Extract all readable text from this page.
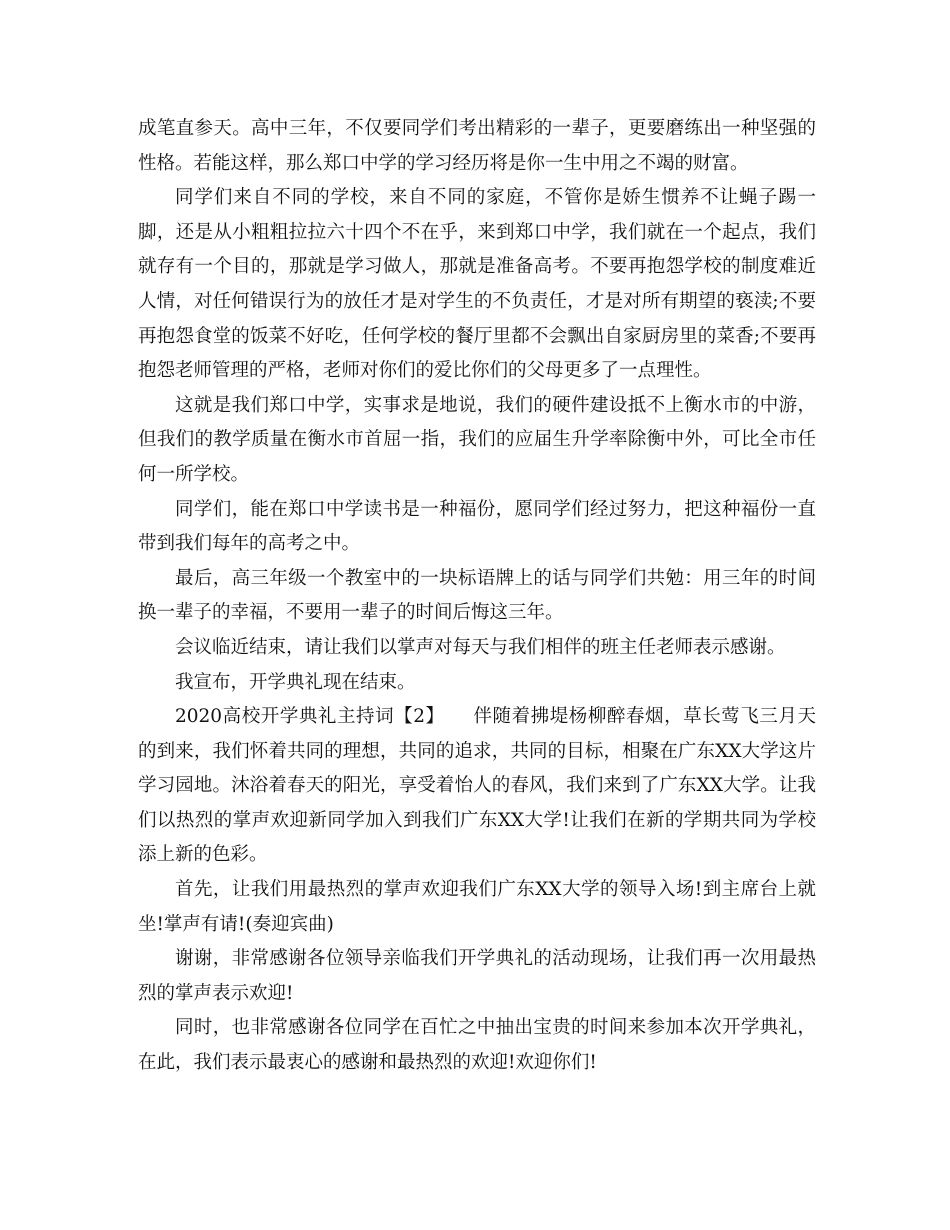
成笔直参天。高中三年，不仅要同学们考出精彩的一辈子，更要磨练出一种坚强的性格。若能这样，那么郑口中学的学习经历将是你一生中用之不竭的财富。

同学们来自不同的学校，来自不同的家庭，不管你是娇生惯养不让蝇子踢一脚，还是从小粗粗拉拉六十四个不在乎，来到郑口中学，我们就在一个起点，我们就存有一个目的，那就是学习做人，那就是准备高考。不要再抱怨学校的制度难近人情，对任何错误行为的放任才是对学生的不负责任，才是对所有期望的亵渎;不要再抱怨食堂的饭菜不好吃，任何学校的餐厅里都不会飘出自家厨房里的菜香;不要再抱怨老师管理的严格，老师对你们的爱比你们的父母更多了一点理性。

这就是我们郑口中学，实事求是地说，我们的硬件建设抵不上衡水市的中游，但我们的教学质量在衡水市首屈一指，我们的应届生升学率除衡中外，可比全市任何一所学校。

同学们，能在郑口中学读书是一种福份，愿同学们经过努力，把这种福份一直带到我们每年的高考之中。

最后，高三年级一个教室中的一块标语牌上的话与同学们共勉：用三年的时间换一辈子的幸福，不要用一辈子的时间后悔这三年。

会议临近结束，请让我们以掌声对每天与我们相伴的班主任老师表示感谢。

我宣布，开学典礼现在结束。

2020高校开学典礼主持词【2】　　伴随着拂堤杨柳醉春烟，草长莺飞三月天的到来，我们怀着共同的理想，共同的追求，共同的目标，相聚在广东XX大学这片学习园地。沐浴着春天的阳光，享受着怡人的春风，我们来到了广东XX大学。让我们以热烈的掌声欢迎新同学加入到我们广东XX大学!让我们在新的学期共同为学校添上新的色彩。

首先，让我们用最热烈的掌声欢迎我们广东XX大学的领导入场!到主席台上就坐!掌声有请!(奏迎宾曲)

谢谢，非常感谢各位领导亲临我们开学典礼的活动现场，让我们再一次用最热烈的掌声表示欢迎!

同时，也非常感谢各位同学在百忙之中抽出宝贵的时间来参加本次开学典礼，在此，我们表示最衷心的感谢和最热烈的欢迎!欢迎你们!
